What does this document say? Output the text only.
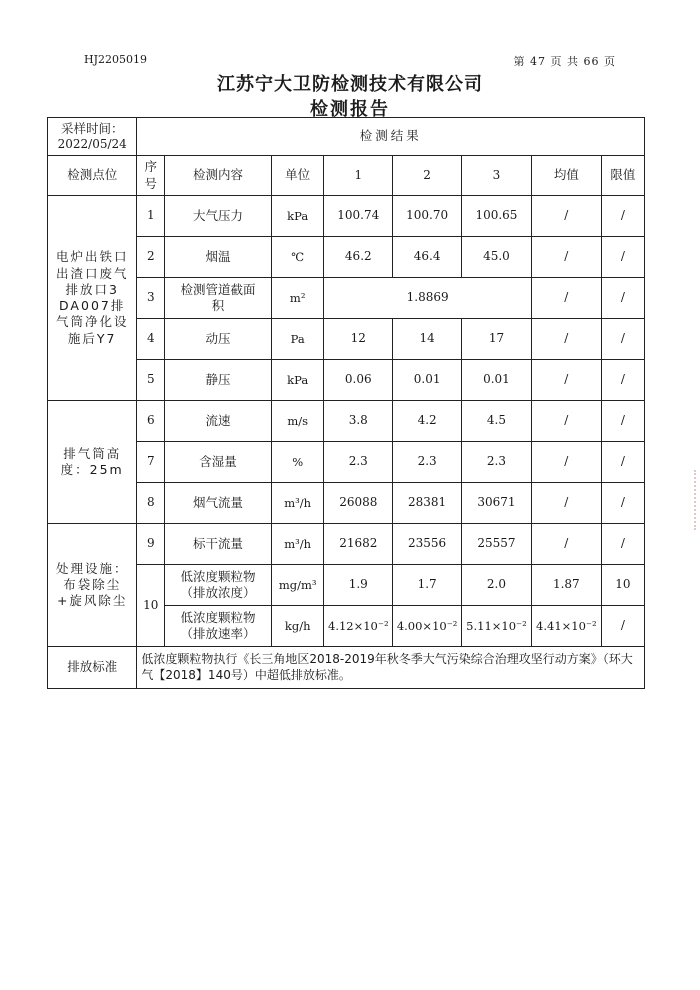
HJ2205019	第 47 页 共 66 页
江苏宁大卫防检测技术有限公司
检测报告
采样时间：
2022/05/24	检测结果							
检测点位	序号	检测内容	单位	1	2	3	均值	限值
电炉出铁口出渣口废气排放口3 DA007排气筒净化设施后Y7	1	大气压力	kPa	100.74	100.70	100.65	/	/
	2	烟温	℃	46.2	46.4	45.0	/	/
	3	检测管道截面积	m²	1.8869			/	/
	4	动压	Pa	12	14	17	/	/
	5	静压	kPa	0.06	0.01	0.01	/	/
排气筒高度：25m	6	流速	m/s	3.8	4.2	4.5	/	/
	7	含湿量	%	2.3	2.3	2.3	/	/
	8	烟气流量	m³/h	26088	28381	30671	/	/
处理设施：布袋除尘+旋风除尘	9	标干流量	m³/h	21682	23556	25557	/	/
	10	低浓度颗粒物（排放浓度）	mg/m³	1.9	1.7	2.0	1.87	10
		低浓度颗粒物（排放速率）	kg/h	4.12×10⁻²	4.00×10⁻²	5.11×10⁻²	4.41×10⁻²	/
排放标准	低浓度颗粒物执行《长三角地区2018-2019年秋冬季大气污染综合治理攻坚行动方案》（环大气【2018】140号）中超低排放标准。							
